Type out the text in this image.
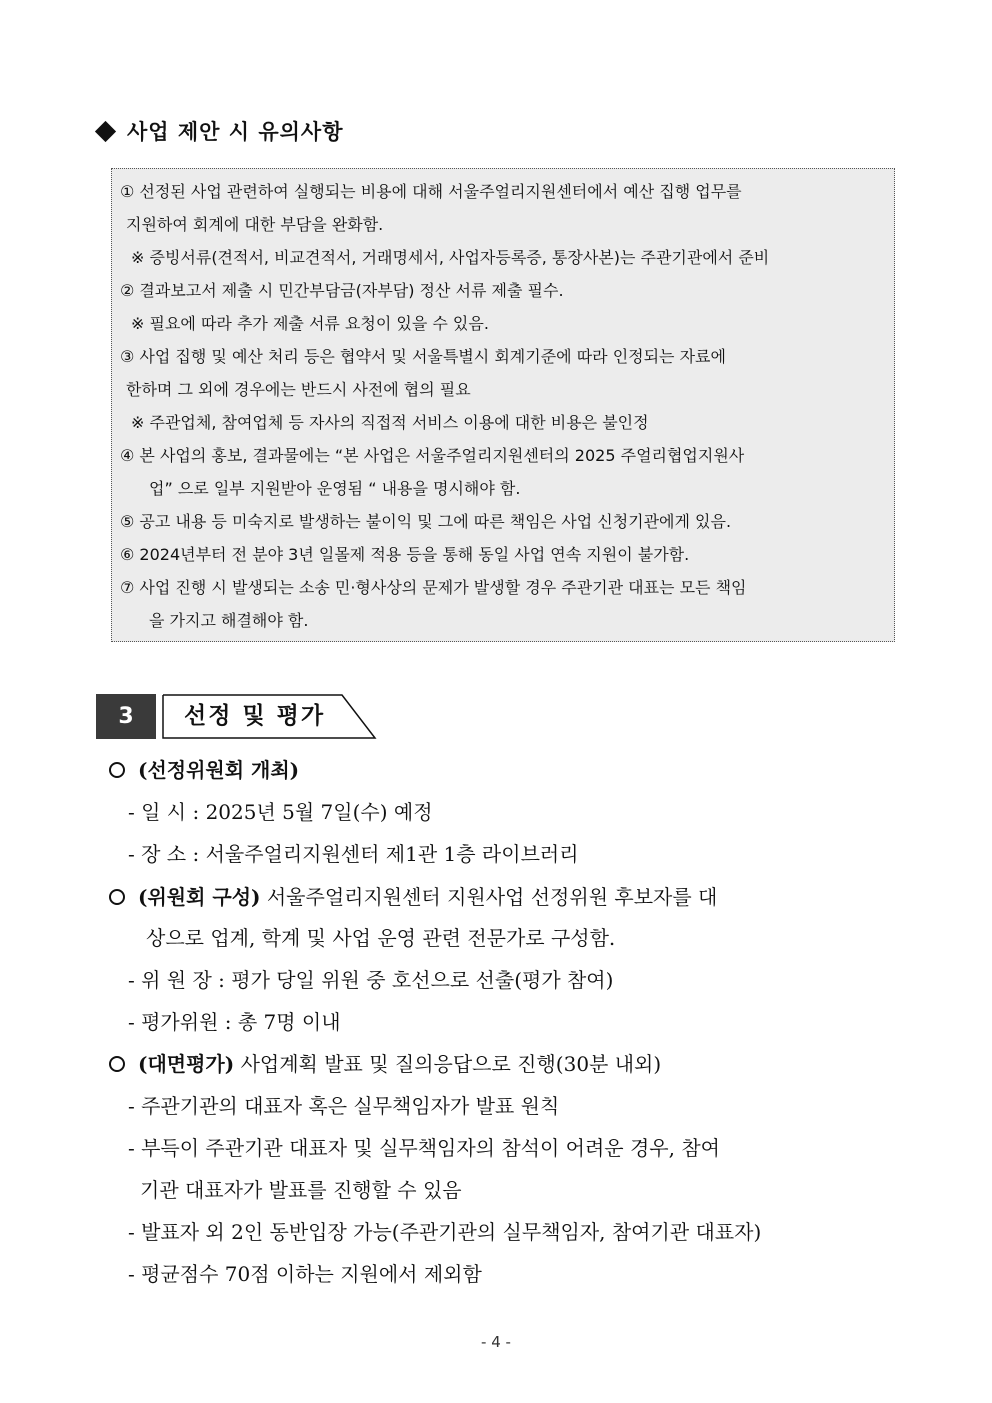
사업 제안 시 유의사항
① 선정된 사업 관련하여 실행되는 비용에 대해 서울주얼리지원센터에서 예산 집행 업무를
지원하여 회계에 대한 부담을 완화함.
※ 증빙서류(견적서, 비교견적서, 거래명세서, 사업자등록증, 통장사본)는 주관기관에서 준비
② 결과보고서 제출 시 민간부담금(자부담) 정산 서류 제출 필수.
※ 필요에 따라 추가 제출 서류 요청이 있을 수 있음.
③ 사업 집행 및 예산 처리 등은 협약서 및 서울특별시 회계기준에 따라 인정되는 자료에
한하며 그 외에 경우에는 반드시 사전에 협의 필요
※ 주관업체, 참여업체 등 자사의 직접적 서비스 이용에 대한 비용은 불인정
④ 본 사업의 홍보, 결과물에는 “본 사업은 서울주얼리지원센터의 2025 주얼리협업지원사
업” 으로 일부 지원받아 운영됨 “ 내용을 명시해야 함.
⑤ 공고 내용 등 미숙지로 발생하는 불이익 및 그에 따른 책임은 사업 신청기관에게 있음.
⑥ 2024년부터 전 분야 3년 일몰제 적용 등을 통해 동일 사업 연속 지원이 불가함.
⑦ 사업 진행 시 발생되는 소송 민·형사상의 문제가 발생할 경우 주관기관 대표는 모든 책임
을 가지고 해결해야 함.
3	선정 및 평가
(선정위원회 개최)
- 일 시 : 2025년 5월 7일(수) 예정
- 장 소 : 서울주얼리지원센터 제1관 1층 라이브러리
(위원회 구성) 서울주얼리지원센터 지원사업 선정위원 후보자를 대
상으로 업계, 학계 및 사업 운영 관련 전문가로 구성함.
- 위 원 장 : 평가 당일 위원 중 호선으로 선출(평가 참여)
- 평가위원 : 총 7명 이내
(대면평가) 사업계획 발표 및 질의응답으로 진행(30분 내외)
- 주관기관의 대표자 혹은 실무책임자가 발표 원칙
- 부득이 주관기관 대표자 및 실무책임자의 참석이 어려운 경우, 참여
기관 대표자가 발표를 진행할 수 있음
- 발표자 외 2인 동반입장 가능(주관기관의 실무책임자, 참여기관 대표자)
- 평균점수 70점 이하는 지원에서 제외함
- 4 -
